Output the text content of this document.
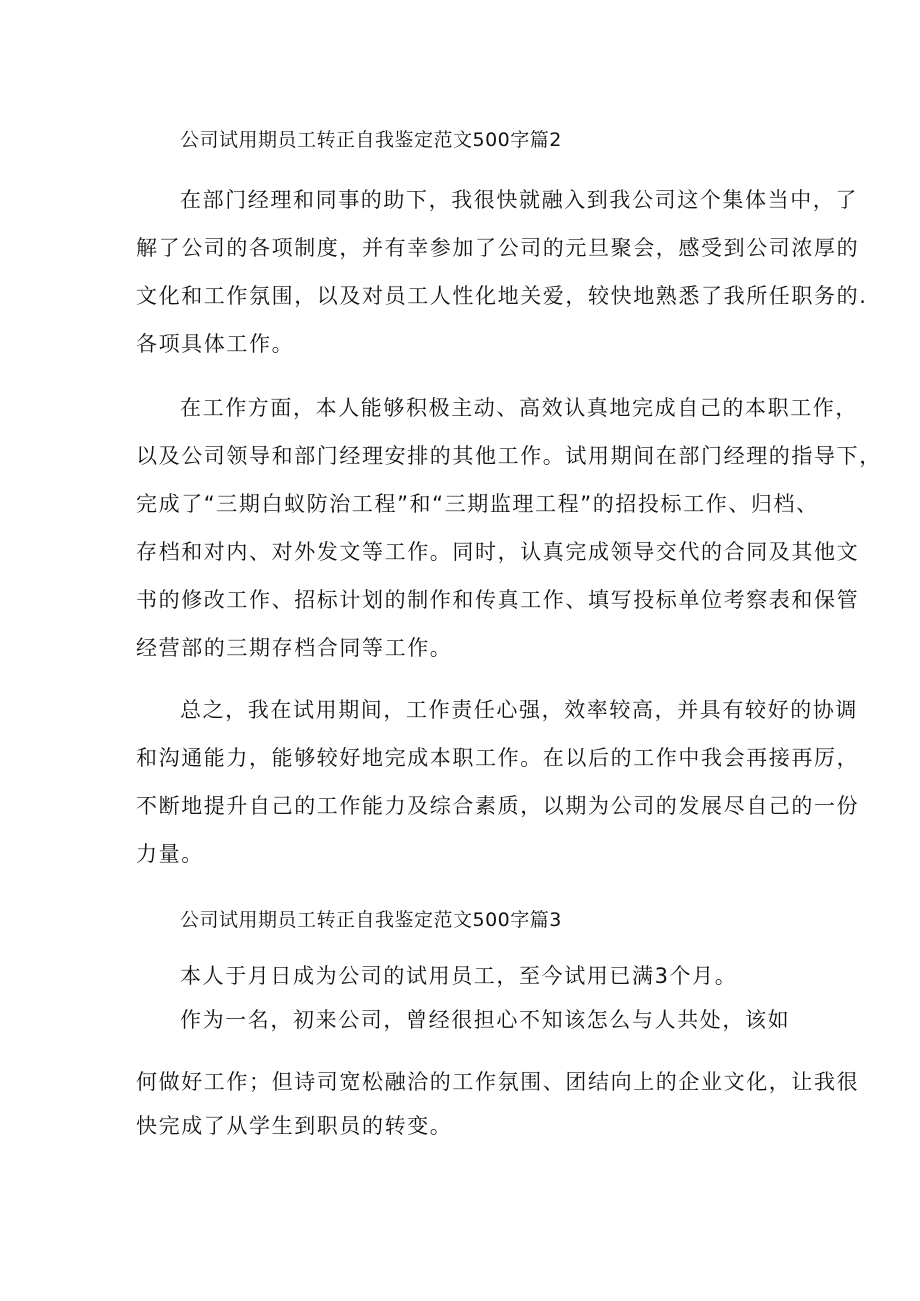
公司试用期员工转正自我鉴定范文500字篇2
在部门经理和同事的助下，我很快就融入到我公司这个集体当中，了
解了公司的各项制度，并有幸参加了公司的元旦聚会，感受到公司浓厚的
文化和工作氛围，以及对员工人性化地关爱，较快地熟悉了我所任职务的.
各项具体工作。
在工作方面，本人能够积极主动、高效认真地完成自己的本职工作，
以及公司领导和部门经理安排的其他工作。试用期间在部门经理的指导下，
完成了“三期白蚁防治工程”和“三期监理工程”的招投标工作、归档、
存档和对内、对外发文等工作。同时，认真完成领导交代的合同及其他文
书的修改工作、招标计划的制作和传真工作、填写投标单位考察表和保管
经营部的三期存档合同等工作。
总之，我在试用期间，工作责任心强，效率较高，并具有较好的协调
和沟通能力，能够较好地完成本职工作。在以后的工作中我会再接再厉，
不断地提升自己的工作能力及综合素质，以期为公司的发展尽自己的一份
力量。
公司试用期员工转正自我鉴定范文500字篇3
本人于月日成为公司的试用员工，至今试用已满3个月。
作为一名，初来公司，曾经很担心不知该怎么与人共处，该如
何做好工作；但诗司宽松融洽的工作氛围、团结向上的企业文化，让我很
快完成了从学生到职员的转变。
